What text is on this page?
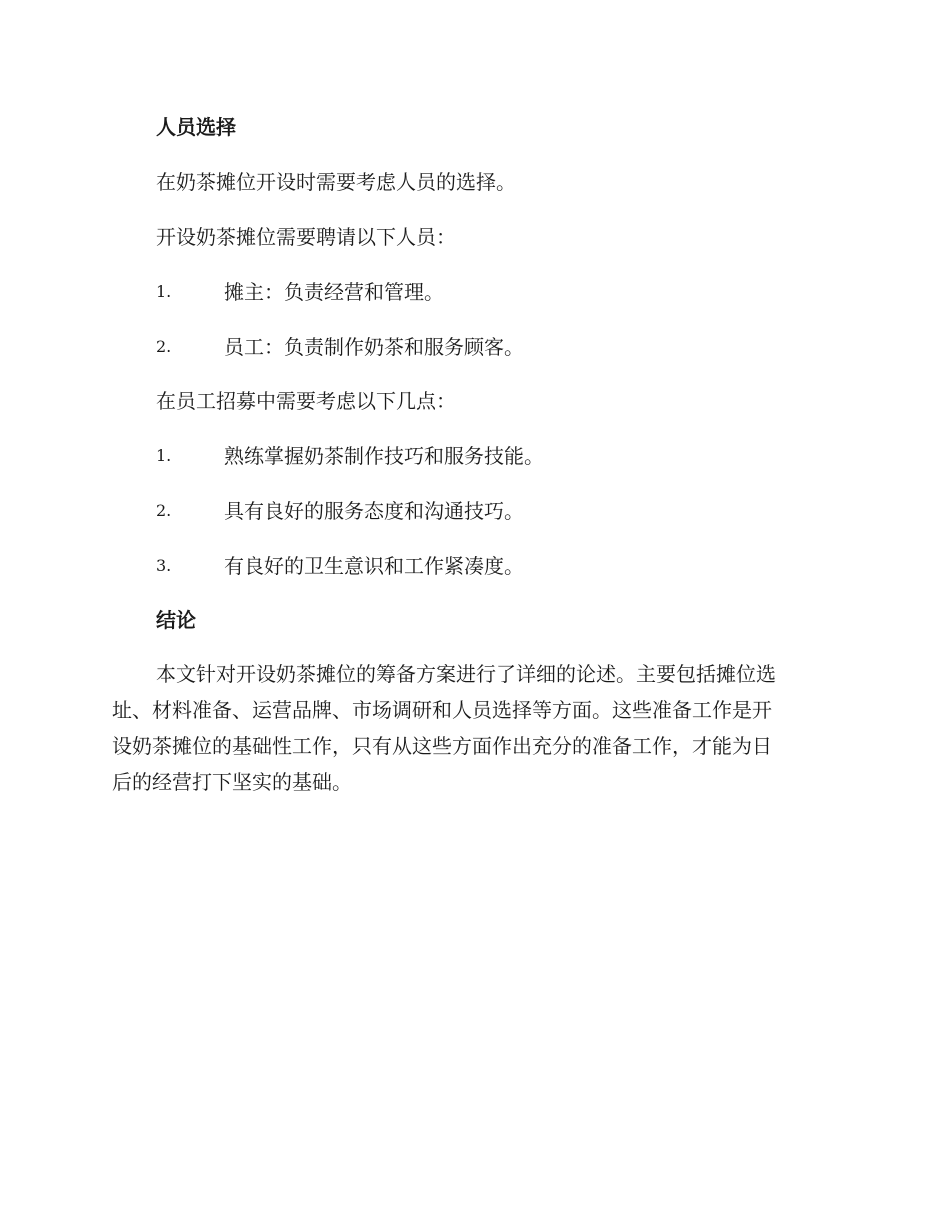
人员选择
在奶茶摊位开设时需要考虑人员的选择。
开设奶茶摊位需要聘请以下人员：
1.	摊主：负责经营和管理。
2.	员工：负责制作奶茶和服务顾客。
在员工招募中需要考虑以下几点：
1.	熟练掌握奶茶制作技巧和服务技能。
2.	具有良好的服务态度和沟通技巧。
3.	有良好的卫生意识和工作紧凑度。
结论
本文针对开设奶茶摊位的筹备方案进行了详细的论述。主要包括摊位选
址、材料准备、运营品牌、市场调研和人员选择等方面。这些准备工作是开
设奶茶摊位的基础性工作，只有从这些方面作出充分的准备工作，才能为日
后的经营打下坚实的基础。
